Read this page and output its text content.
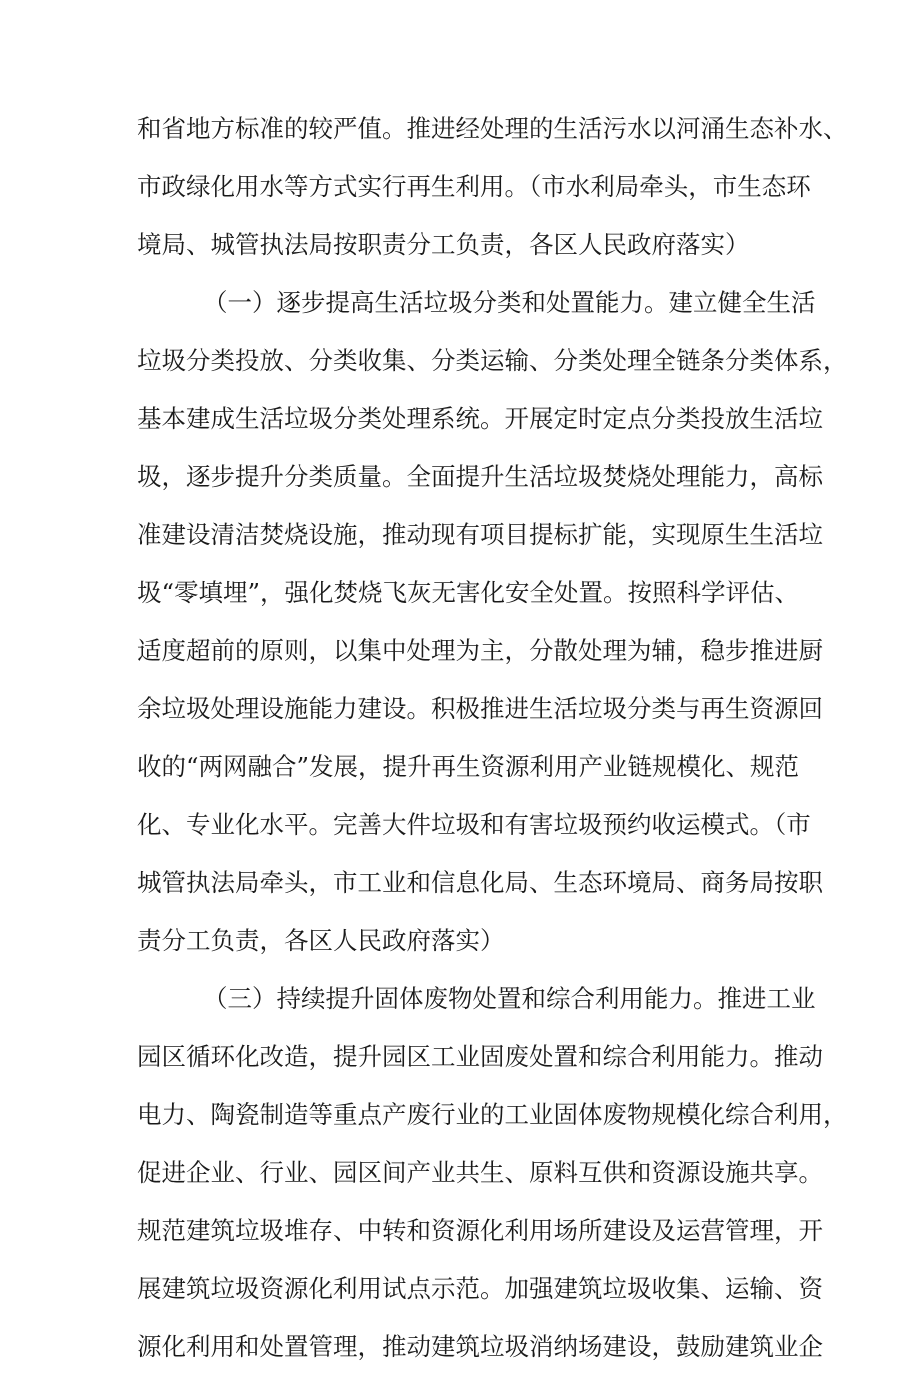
和省地方标准的较严值。推进经处理的生活污水以河涌生态补水、
市政绿化用水等方式实行再生利用。（市水利局牵头，市生态环
境局、城管执法局按职责分工负责，各区人民政府落实）
（一）逐步提高生活垃圾分类和处置能力。建立健全生活
垃圾分类投放、分类收集、分类运输、分类处理全链条分类体系，
基本建成生活垃圾分类处理系统。开展定时定点分类投放生活垃
圾，逐步提升分类质量。全面提升生活垃圾焚烧处理能力，高标
准建设清洁焚烧设施，推动现有项目提标扩能，实现原生生活垃
圾“零填埋”，强化焚烧飞灰无害化安全处置。按照科学评估、
适度超前的原则，以集中处理为主，分散处理为辅，稳步推进厨
余垃圾处理设施能力建设。积极推进生活垃圾分类与再生资源回
收的“两网融合”发展，提升再生资源利用产业链规模化、规范
化、专业化水平。完善大件垃圾和有害垃圾预约收运模式。（市
城管执法局牵头，市工业和信息化局、生态环境局、商务局按职
责分工负责，各区人民政府落实）
（三）持续提升固体废物处置和综合利用能力。推进工业
园区循环化改造，提升园区工业固废处置和综合利用能力。推动
电力、陶瓷制造等重点产废行业的工业固体废物规模化综合利用，
促进企业、行业、园区间产业共生、原料互供和资源设施共享。
规范建筑垃圾堆存、中转和资源化利用场所建设及运营管理，开
展建筑垃圾资源化利用试点示范。加强建筑垃圾收集、运输、资
源化利用和处置管理，推动建筑垃圾消纳场建设，鼓励建筑业企
